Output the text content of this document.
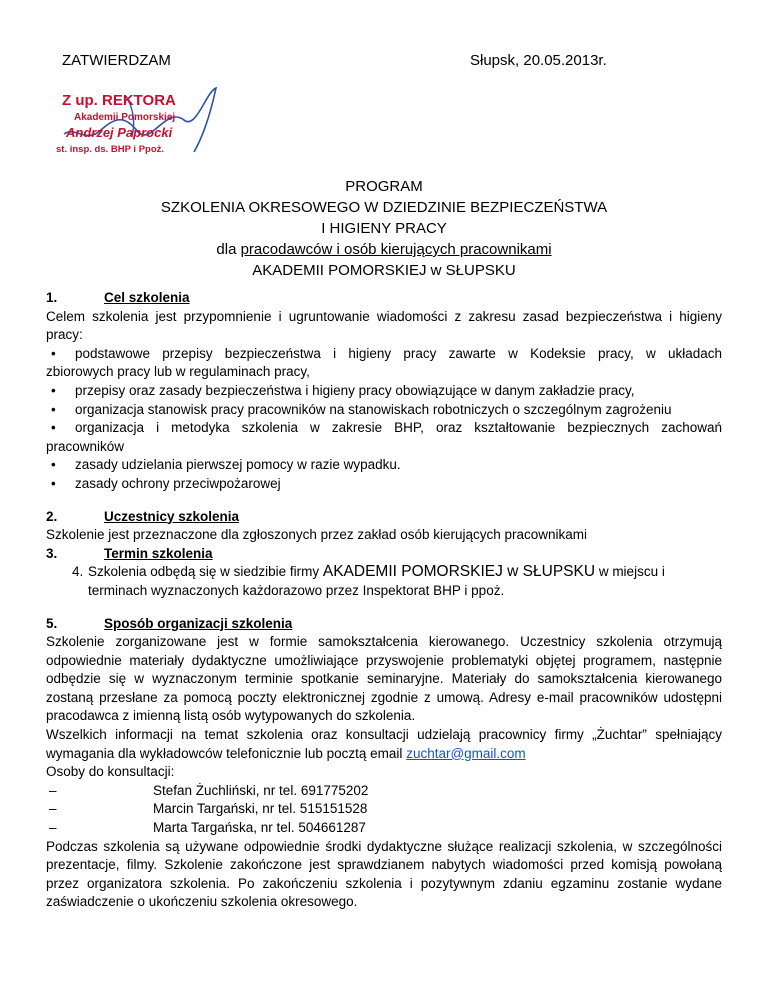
ZATWIERDZAM	Słupsk, 20.05.2013r.
Z up. REKTORA
Akademii Pomorskiej
Andrzej Paprocki
st. insp. ds. BHP i Ppoż.
PROGRAM
SZKOLENIA OKRESOWEGO W DZIEDZINIE BEZPIECZEŃSTWA
I HIGIENY PRACY
dla pracodawców i osób kierujących pracownikami
AKADEMII POMORSKIEJ w SŁUPSKU
1.	Cel szkolenia
Celem szkolenia jest przypomnienie i ugruntowanie wiadomości z zakresu zasad bezpieczeństwa i higieny pracy:
•	podstawowe przepisy bezpieczeństwa i higieny pracy zawarte w Kodeksie pracy, w układach
zbiorowych pracy lub w regulaminach pracy,
•	przepisy oraz zasady bezpieczeństwa i higieny pracy obowiązujące w danym zakładzie pracy,
•	organizacja stanowisk pracy pracowników na stanowiskach robotniczych o szczególnym zagrożeniu
•	organizacja i metodyka szkolenia w zakresie BHP, oraz kształtowanie bezpiecznych zachowań
pracowników
•	zasady udzielania pierwszej pomocy w razie wypadku.
•	zasady ochrony przeciwpożarowej
2.	Uczestnicy szkolenia
Szkolenie jest przeznaczone dla zgłoszonych przez zakład osób kierujących pracownikami
3.	Termin szkolenia
4. Szkolenia odbędą się w siedzibie firmy AKADEMII POMORSKIEJ w SŁUPSKU w miejscu i
terminach wyznaczonych każdorazowo przez Inspektorat BHP i ppoż.
5.	Sposób organizacji szkolenia
Szkolenie zorganizowane jest w formie samokształcenia kierowanego. Uczestnicy szkolenia otrzymują odpowiednie materiały dydaktyczne umożliwiające przyswojenie problematyki objętej programem, następnie odbędzie się w wyznaczonym terminie spotkanie seminaryjne. Materiały do samokształcenia kierowanego zostaną przesłane za pomocą poczty elektronicznej zgodnie z umową. Adresy e-mail pracowników udostępni pracodawca z imienną listą osób wytypowanych do szkolenia.
Wszelkich informacji na temat szkolenia oraz konsultacji udzielają pracownicy firmy „Żuchtar” spełniający wymagania dla wykładowców telefonicznie lub pocztą email zuchtar@gmail.com
Osoby do konsultacji:
–	Stefan Żuchliński, nr tel. 691775202
–	Marcin Targański, nr tel. 515151528
–	Marta Targańska, nr tel. 504661287
Podczas szkolenia są używane odpowiednie środki dydaktyczne służące realizacji szkolenia, w szczególności prezentacje, filmy. Szkolenie zakończone jest sprawdzianem nabytych wiadomości przed komisją powołaną przez organizatora szkolenia. Po zakończeniu szkolenia i pozytywnym zdaniu egzaminu zostanie wydane zaświadczenie o ukończeniu szkolenia okresowego.
